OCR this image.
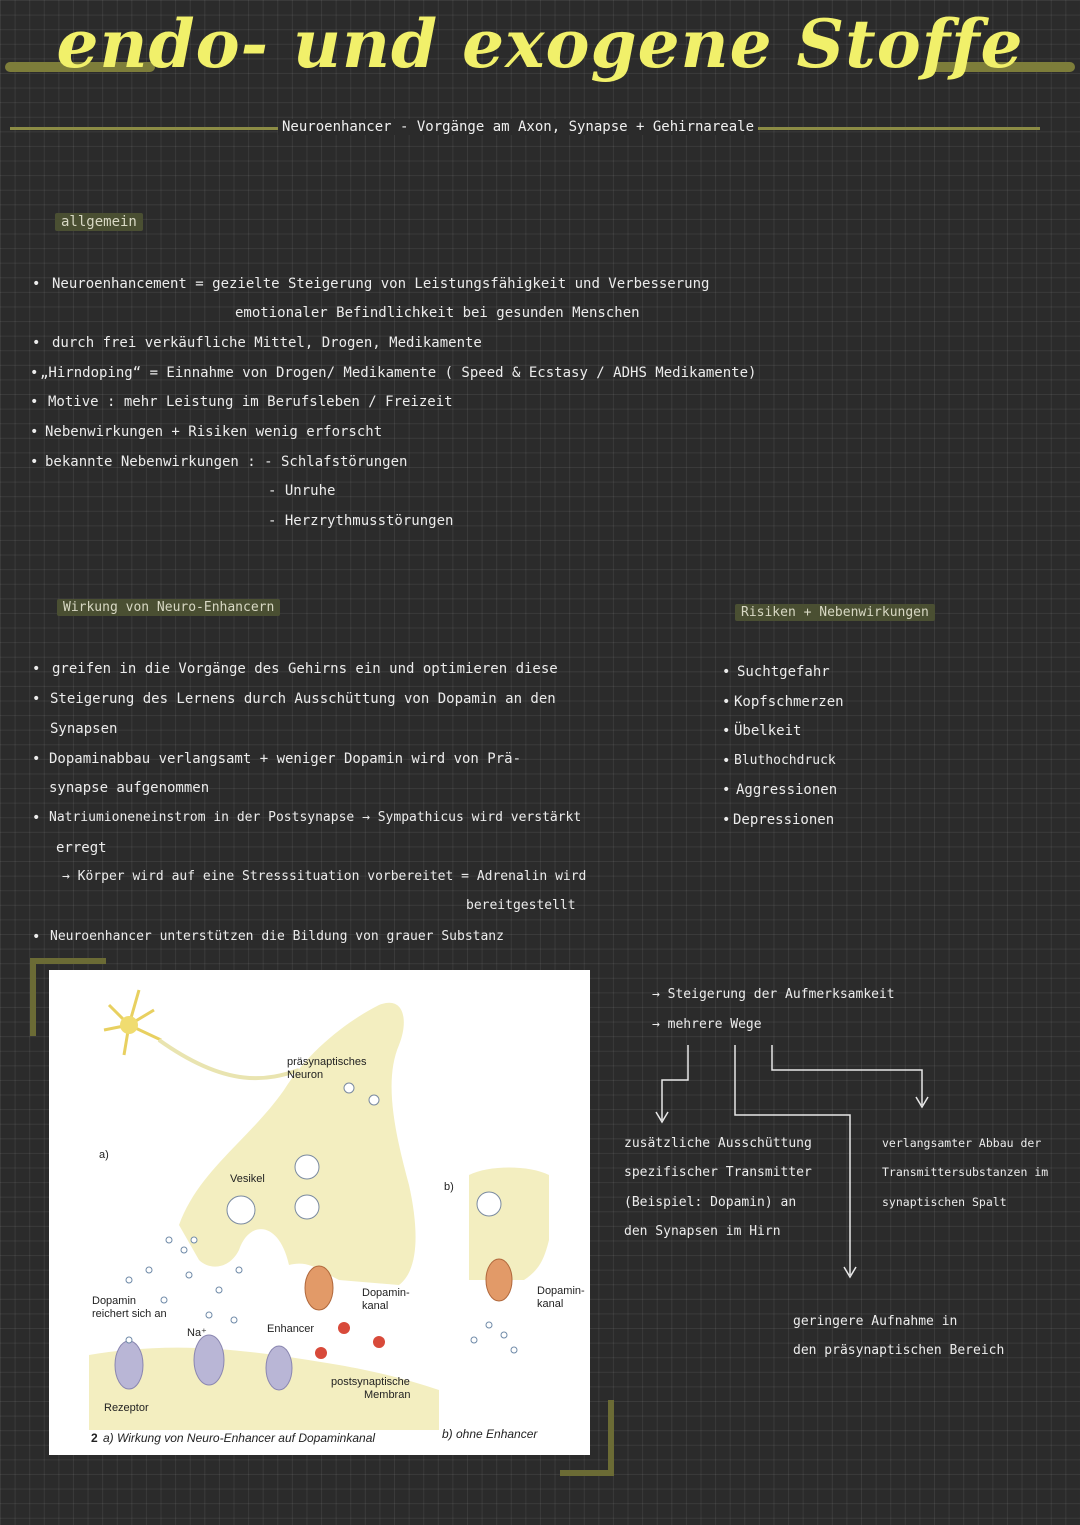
endo- und exogene Stoffe
Neuroenhancer - Vorgänge am Axon, Synapse + Gehirnareale
allgemein
• Neuroenhancement = gezielte Steigerung von Leistungsfähigkeit und Verbesserung
emotionaler Befindlichkeit bei gesunden Menschen
• durch frei verkäufliche Mittel, Drogen, Medikamente
• „Hirndoping“ = Einnahme von Drogen/ Medikamente ( Speed & Ecstasy / ADHS Medikamente)
• Motive : mehr Leistung im Berufsleben / Freizeit
• Nebenwirkungen + Risiken wenig erforscht
• bekannte Nebenwirkungen : - Schlafstörungen
- Unruhe
- Herzrythmusstörungen
Wirkung von Neuro-Enhancern
• greifen in die Vorgänge des Gehirns ein und optimieren diese
• Steigerung des Lernens durch Ausschüttung von Dopamin an den
Synapsen
• Dopaminabbau verlangsamt + weniger Dopamin wird von Prä-
synapse aufgenommen
• Natriumioneneinstrom in der Postsynapse → Sympathicus wird verstärkt
erregt
→ Körper wird auf eine Stresssituation vorbereitet = Adrenalin wird
bereitgestellt
• Neuroenhancer unterstützen die Bildung von grauer Substanz
Risiken + Nebenwirkungen
• Suchtgefahr
• Kopfschmerzen
• Übelkeit
• Bluthochdruck
• Aggressionen
• Depressionen
a)
b)
präsynaptisches
Neuron
Vesikel
Dopamin-
kanal
Dopamin-
kanal
Dopamin
reichert sich an
Na⁺	Enhancer
postsynaptische
Membran
Rezeptor
2 a) Wirkung von Neuro-Enhancer auf Dopaminkanal	b) ohne Enhancer
→ Steigerung der Aufmerksamkeit
→ mehrere Wege
zusätzliche Ausschüttung
spezifischer Transmitter
(Beispiel: Dopamin) an
den Synapsen im Hirn
verlangsamter Abbau der
Transmittersubstanzen im
synaptischen Spalt
geringere Aufnahme in
den präsynaptischen Bereich
